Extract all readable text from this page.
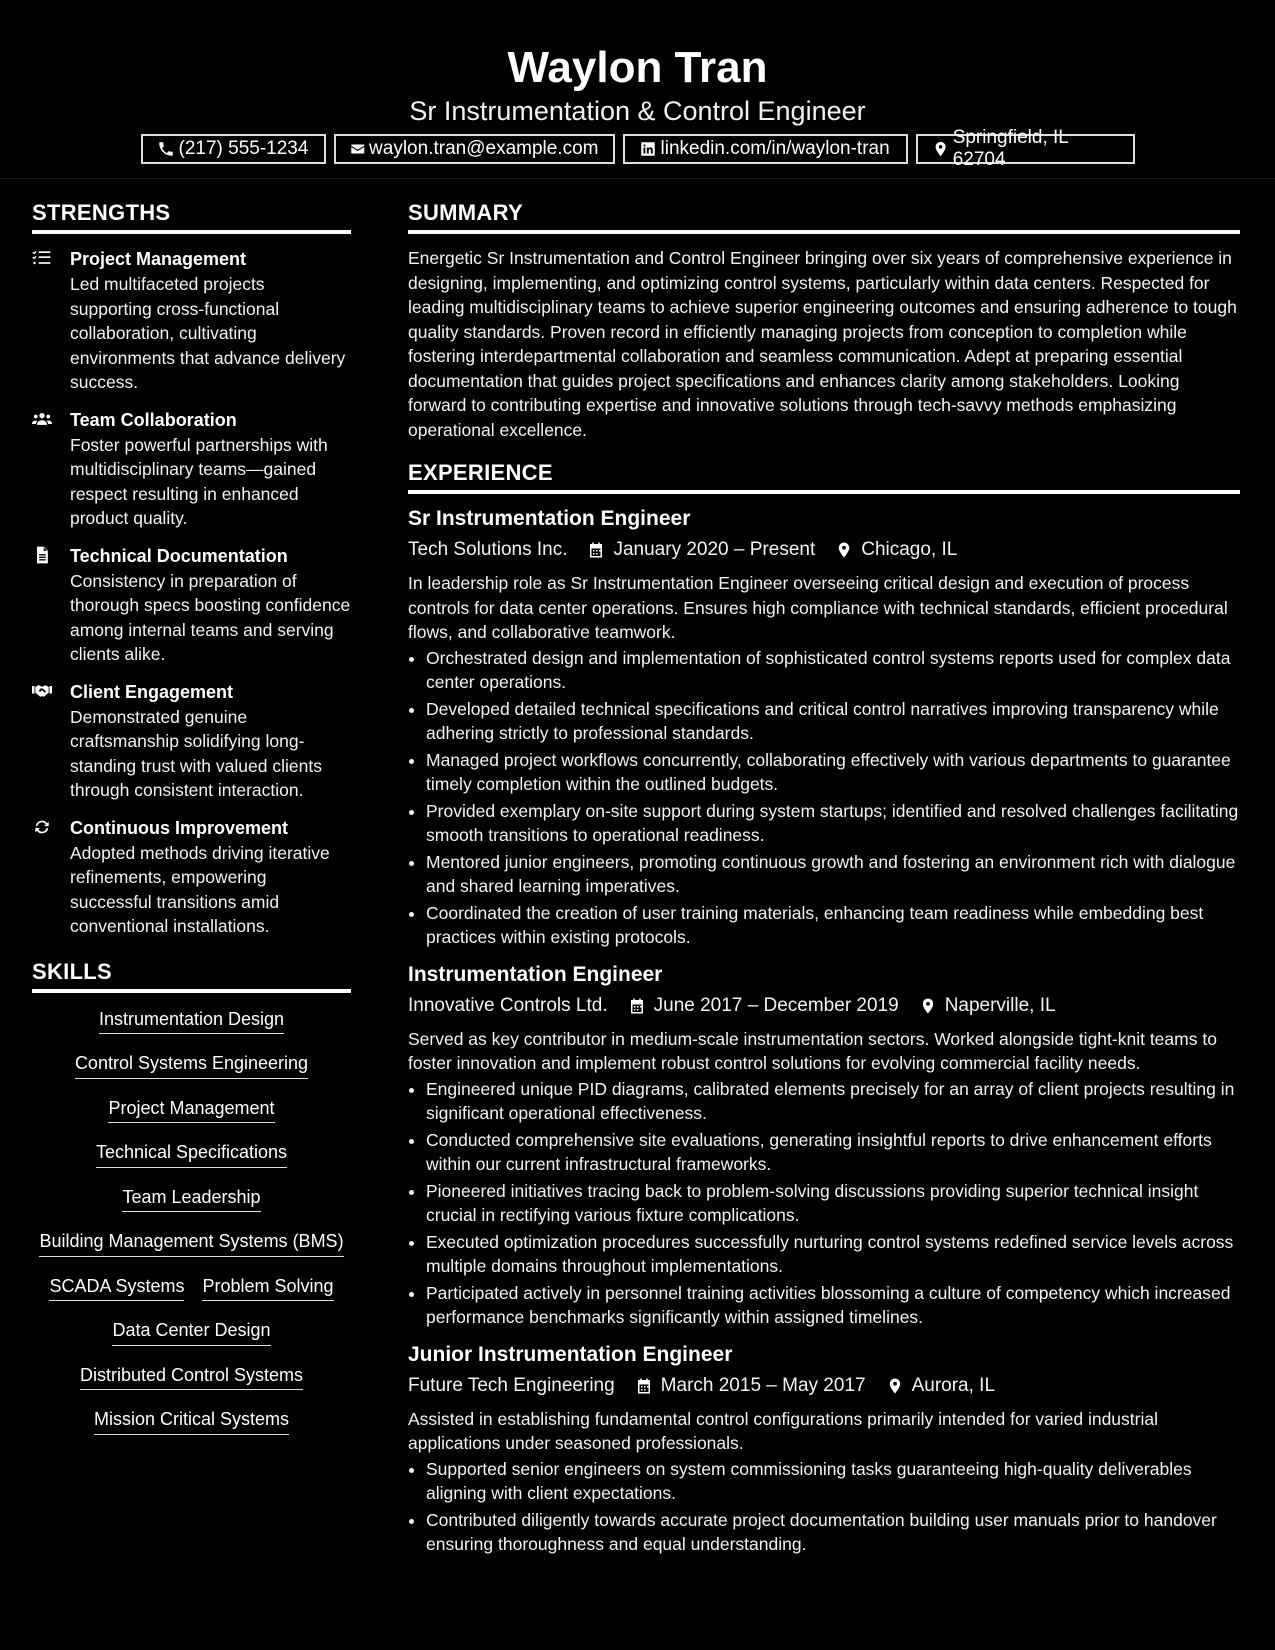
Waylon Tran
Sr Instrumentation & Control Engineer
(217) 555-1234	waylon.tran@example.com	linkedin.com/in/waylon-tran
Springfield, IL 62704
STRENGTHS
Project Management
Led multifaceted projects supporting cross-functional collaboration, cultivating environments that advance delivery success.
Team Collaboration
Foster powerful partnerships with multidisciplinary teams—gained respect resulting in enhanced product quality.
Technical Documentation
Consistency in preparation of thorough specs boosting confidence among internal teams and serving clients alike.
Client Engagement
Demonstrated genuine craftsmanship solidifying long-standing trust with valued clients through consistent interaction.
Continuous Improvement
Adopted methods driving iterative refinements, empowering successful transitions amid conventional installations.
SKILLS
Instrumentation Design
Control Systems Engineering
Project Management
Technical Specifications
Team Leadership
Building Management Systems (BMS)
SCADA Systems Problem Solving
Data Center Design
Distributed Control Systems
Mission Critical Systems
SUMMARY
Energetic Sr Instrumentation and Control Engineer bringing over six years of comprehensive experience in designing, implementing, and optimizing control systems, particularly within data centers. Respected for leading multidisciplinary teams to achieve superior engineering outcomes and ensuring adherence to tough quality standards. Proven record in efficiently managing projects from conception to completion while fostering interdepartmental collaboration and seamless communication. Adept at preparing essential documentation that guides project specifications and enhances clarity among stakeholders. Looking forward to contributing expertise and innovative solutions through tech-savvy methods emphasizing operational excellence.
EXPERIENCE
Sr Instrumentation Engineer
Tech Solutions Inc. January 2020 – Present Chicago, IL
In leadership role as Sr Instrumentation Engineer overseeing critical design and execution of process controls for data center operations. Ensures high compliance with technical standards, efficient procedural flows, and collaborative teamwork.
• Orchestrated design and implementation of sophisticated control systems reports used for complex data center operations.
• Developed detailed technical specifications and critical control narratives improving transparency while adhering strictly to professional standards.
• Managed project workflows concurrently, collaborating effectively with various departments to guarantee timely completion within the outlined budgets.
• Provided exemplary on-site support during system startups; identified and resolved challenges facilitating smooth transitions to operational readiness.
• Mentored junior engineers, promoting continuous growth and fostering an environment rich with dialogue and shared learning imperatives.
• Coordinated the creation of user training materials, enhancing team readiness while embedding best practices within existing protocols.
Instrumentation Engineer
Innovative Controls Ltd. June 2017 – December 2019 Naperville, IL
Served as key contributor in medium-scale instrumentation sectors. Worked alongside tight-knit teams to foster innovation and implement robust control solutions for evolving commercial facility needs.
• Engineered unique PID diagrams, calibrated elements precisely for an array of client projects resulting in significant operational effectiveness.
• Conducted comprehensive site evaluations, generating insightful reports to drive enhancement efforts within our current infrastructural frameworks.
• Pioneered initiatives tracing back to problem-solving discussions providing superior technical insight crucial in rectifying various fixture complications.
• Executed optimization procedures successfully nurturing control systems redefined service levels across multiple domains throughout implementations.
• Participated actively in personnel training activities blossoming a culture of competency which increased performance benchmarks significantly within assigned timelines.
Junior Instrumentation Engineer
Future Tech Engineering March 2015 – May 2017 Aurora, IL
Assisted in establishing fundamental control configurations primarily intended for varied industrial applications under seasoned professionals.
• Supported senior engineers on system commissioning tasks guaranteeing high-quality deliverables aligning with client expectations.
• Contributed diligently towards accurate project documentation building user manuals prior to handover ensuring thoroughness and equal understanding.
